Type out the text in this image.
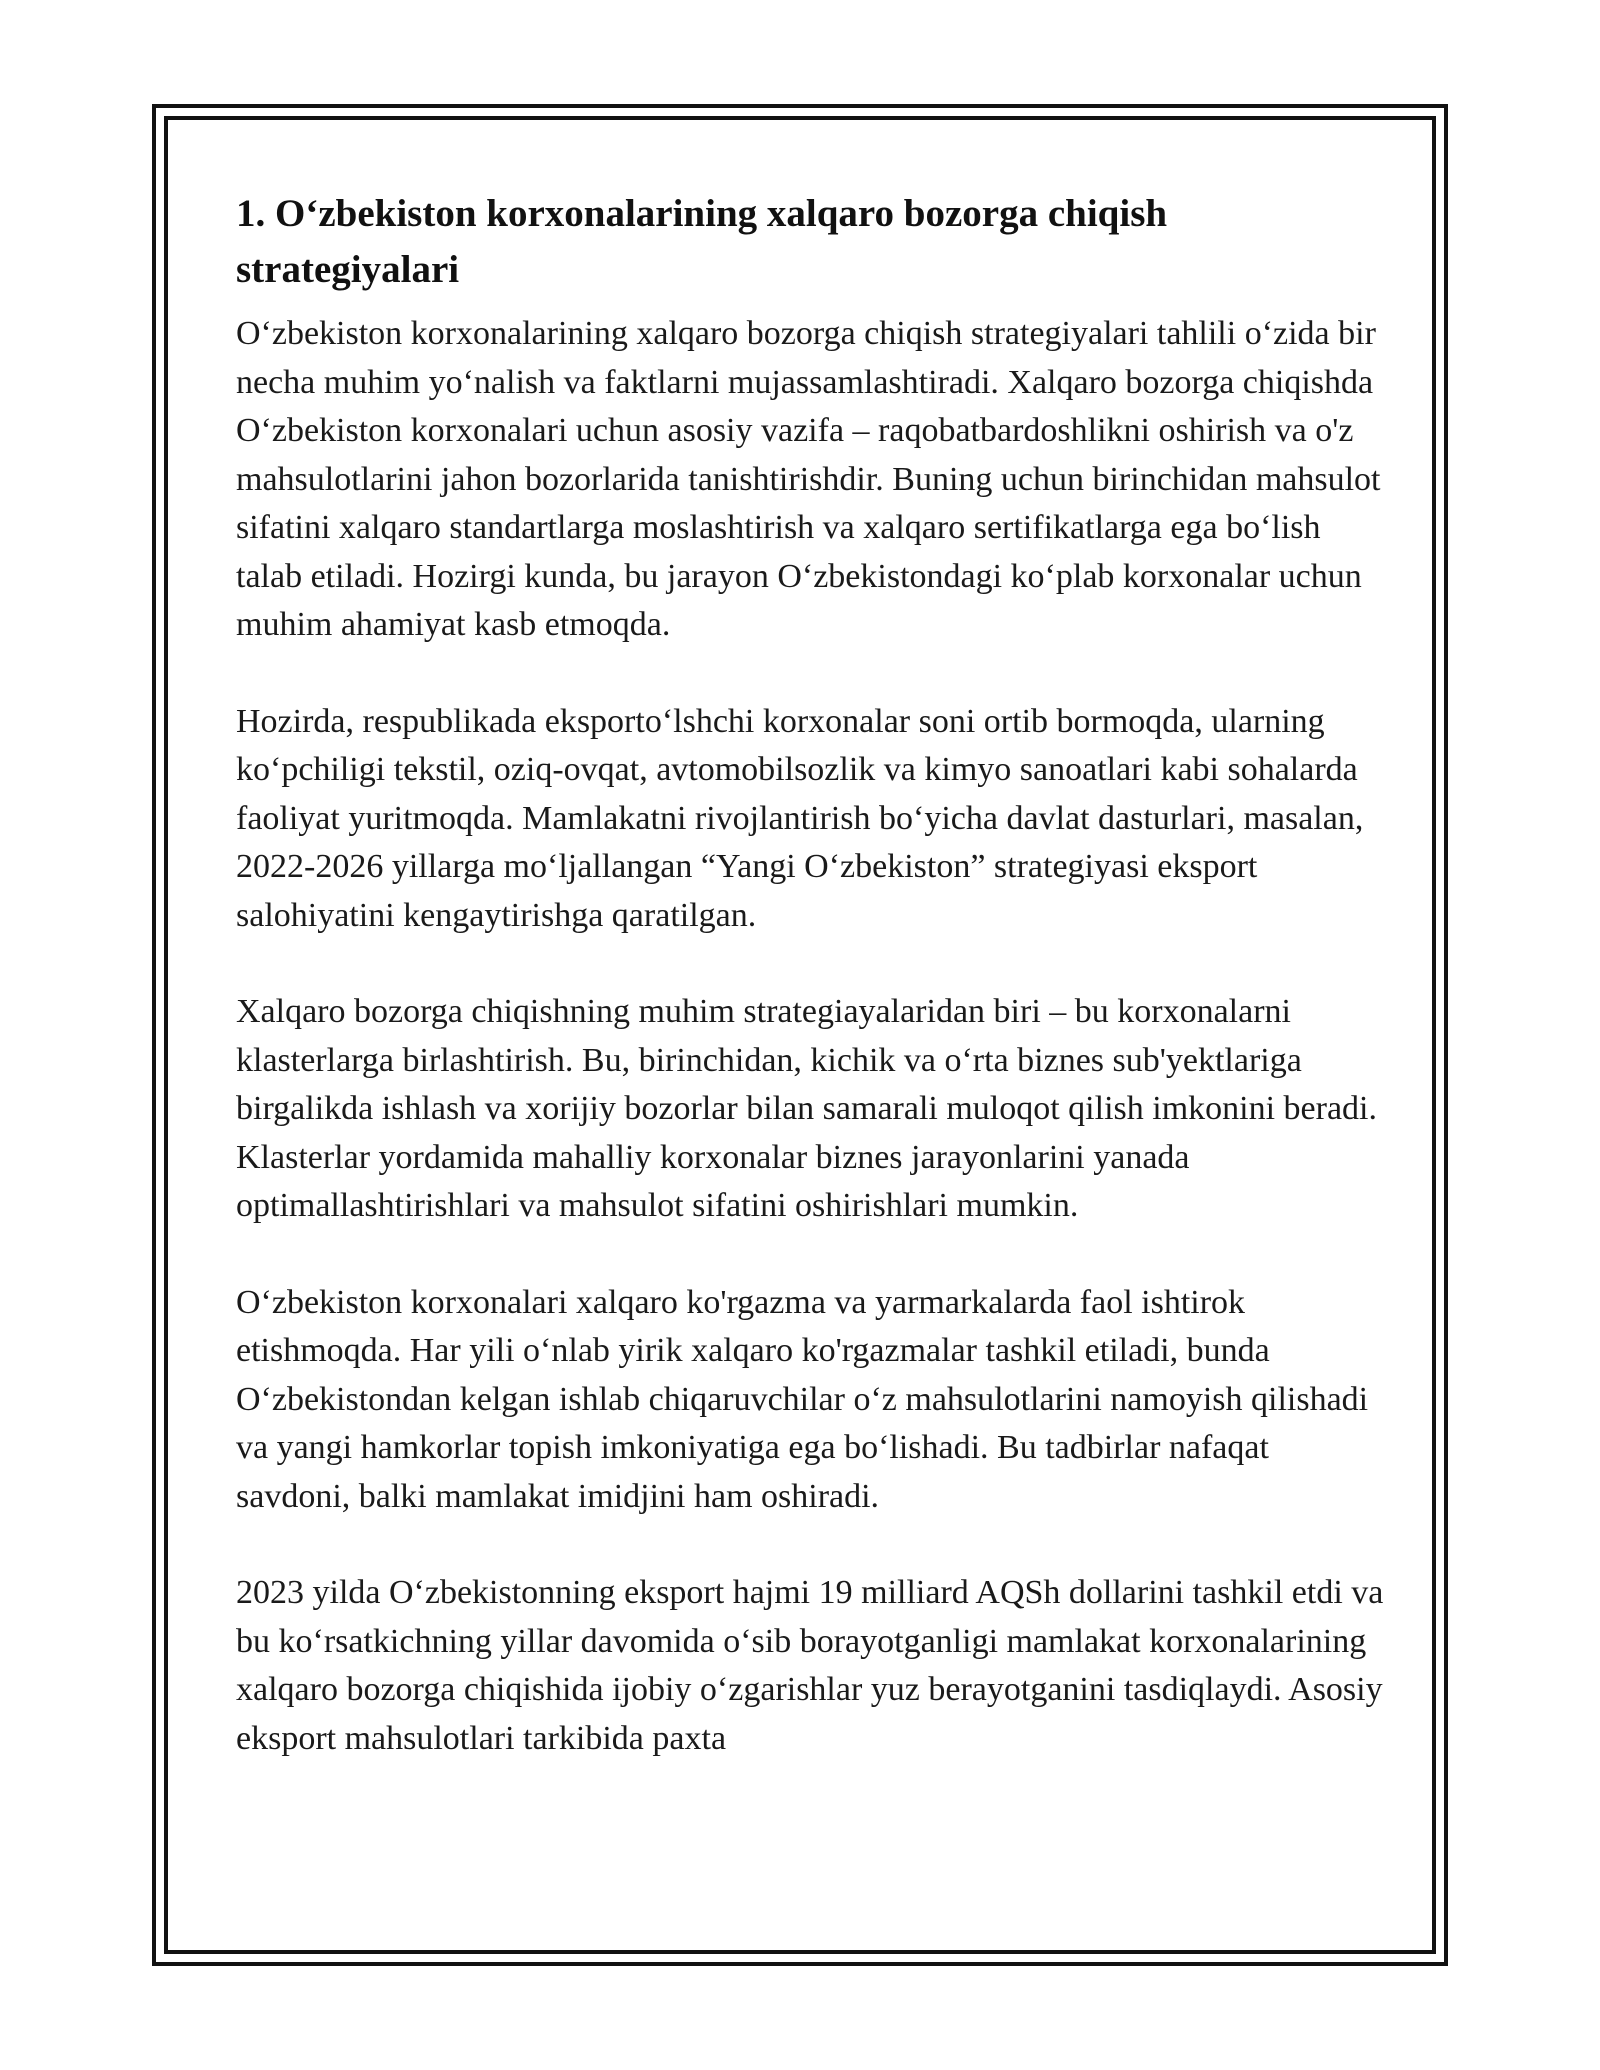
1. O‘zbekiston korxonalarining xalqaro bozorga chiqish strategiyalari

O‘zbekiston korxonalarining xalqaro bozorga chiqish strategiyalari tahlili o‘zida bir necha muhim yo‘nalish va faktlarni mujassamlashtiradi. Xalqaro bozorga chiqishda O‘zbekiston korxonalari uchun asosiy vazifa – raqobatbardoshlikni oshirish va o'z mahsulotlarini jahon bozorlarida tanishtirishdir. Buning uchun birinchidan mahsulot sifatini xalqaro standartlarga moslashtirish va xalqaro sertifikatlarga ega bo‘lish talab etiladi. Hozirgi kunda, bu jarayon O‘zbekistondagi ko‘plab korxonalar uchun muhim ahamiyat kasb etmoqda.

Hozirda, respublikada eksporto‘lshchi korxonalar soni ortib bormoqda, ularning ko‘pchiligi tekstil, oziq-ovqat, avtomobilsozlik va kimyo sanoatlari kabi sohalarda faoliyat yuritmoqda. Mamlakatni rivojlantirish bo‘yicha davlat dasturlari, masalan, 2022-2026 yillarga mo‘ljallangan “Yangi O‘zbekiston” strategiyasi eksport salohiyatini kengaytirishga qaratilgan.

Xalqaro bozorga chiqishning muhim strategiayalaridan biri – bu korxonalarni klasterlarga birlashtirish. Bu, birinchidan, kichik va o‘rta biznes sub'yektlariga birgalikda ishlash va xorijiy bozorlar bilan samarali muloqot qilish imkonini beradi. Klasterlar yordamida mahalliy korxonalar biznes jarayonlarini yanada optimallashtirishlari va mahsulot sifatini oshirishlari mumkin.

O‘zbekiston korxonalari xalqaro ko'rgazma va yarmarkalarda faol ishtirok etishmoqda. Har yili o‘nlab yirik xalqaro ko'rgazmalar tashkil etiladi, bunda O‘zbekistondan kelgan ishlab chiqaruvchilar o‘z mahsulotlarini namoyish qilishadi va yangi hamkorlar topish imkoniyatiga ega bo‘lishadi. Bu tadbirlar nafaqat savdoni, balki mamlakat imidjini ham oshiradi.

2023 yilda O‘zbekistonning eksport hajmi 19 milliard AQSh dollarini tashkil etdi va bu ko‘rsatkichning yillar davomida o‘sib borayotganligi mamlakat korxonalarining xalqaro bozorga chiqishida ijobiy o‘zgarishlar yuz berayotganini tasdiqlaydi. Asosiy eksport mahsulotlari tarkibida paxta
